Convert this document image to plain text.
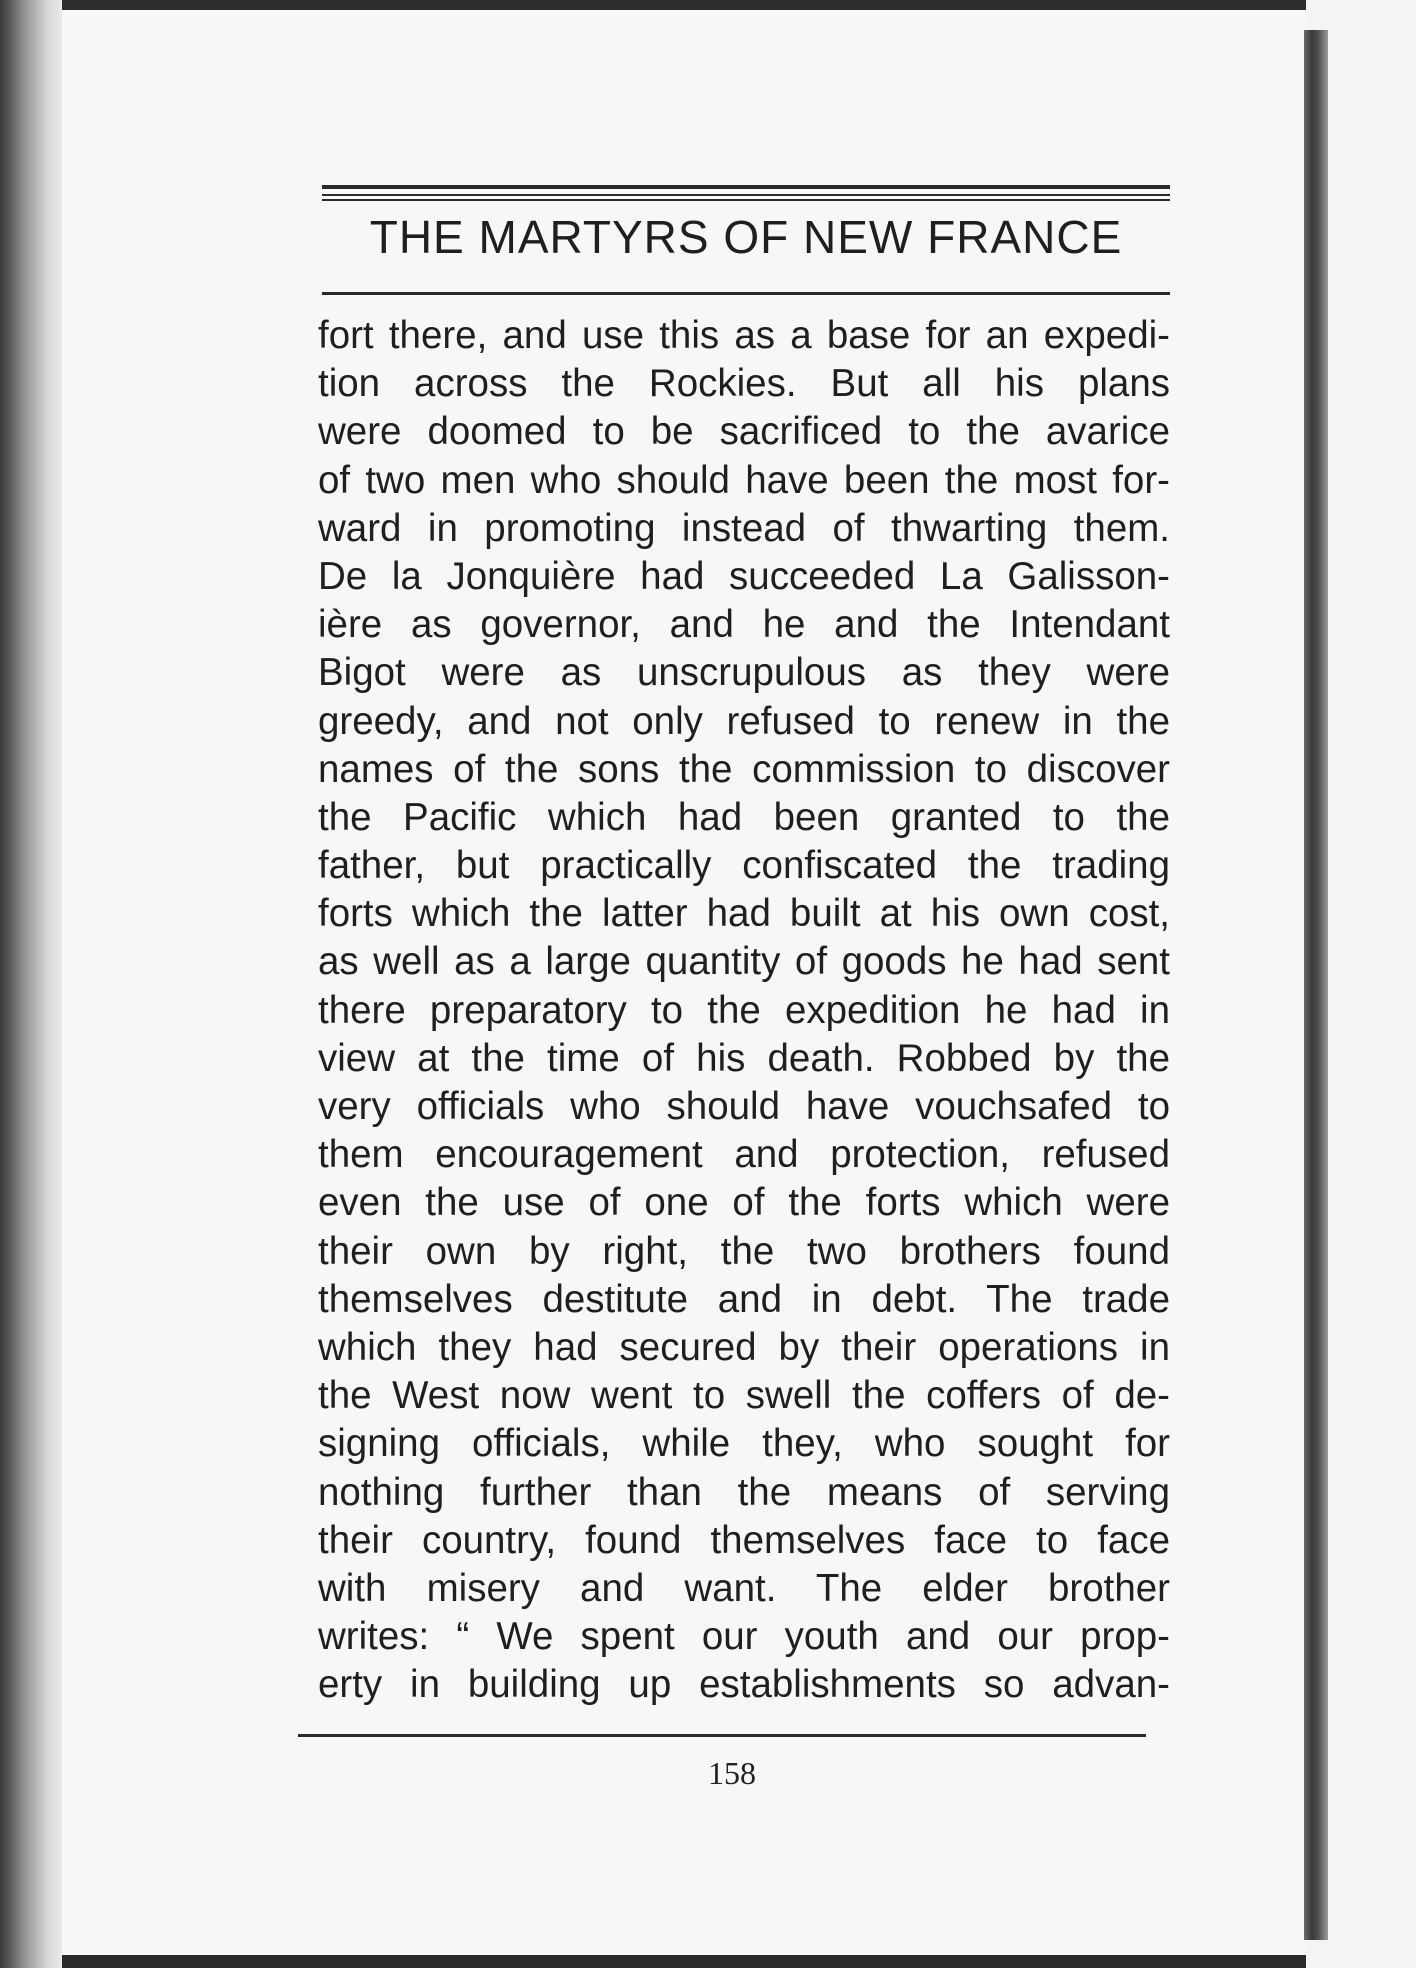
THE MARTYRS OF NEW FRANCE
fort there, and use this as a base for an expedi-
tion across the Rockies. But all his plans
were doomed to be sacrificed to the avarice
of two men who should have been the most for-
ward in promoting instead of thwarting them.
De la Jonquière had succeeded La Galisson-
ière as governor, and he and the Intendant
Bigot were as unscrupulous as they were
greedy, and not only refused to renew in the
names of the sons the commission to discover
the Pacific which had been granted to the
father, but practically confiscated the trading
forts which the latter had built at his own cost,
as well as a large quantity of goods he had sent
there preparatory to the expedition he had in
view at the time of his death. Robbed by the
very officials who should have vouchsafed to
them encouragement and protection, refused
even the use of one of the forts which were
their own by right, the two brothers found
themselves destitute and in debt. The trade
which they had secured by their operations in
the West now went to swell the coffers of de-
signing officials, while they, who sought for
nothing further than the means of serving
their country, found themselves face to face
with misery and want. The elder brother
writes: “ We spent our youth and our prop-
erty in building up establishments so advan-
158
